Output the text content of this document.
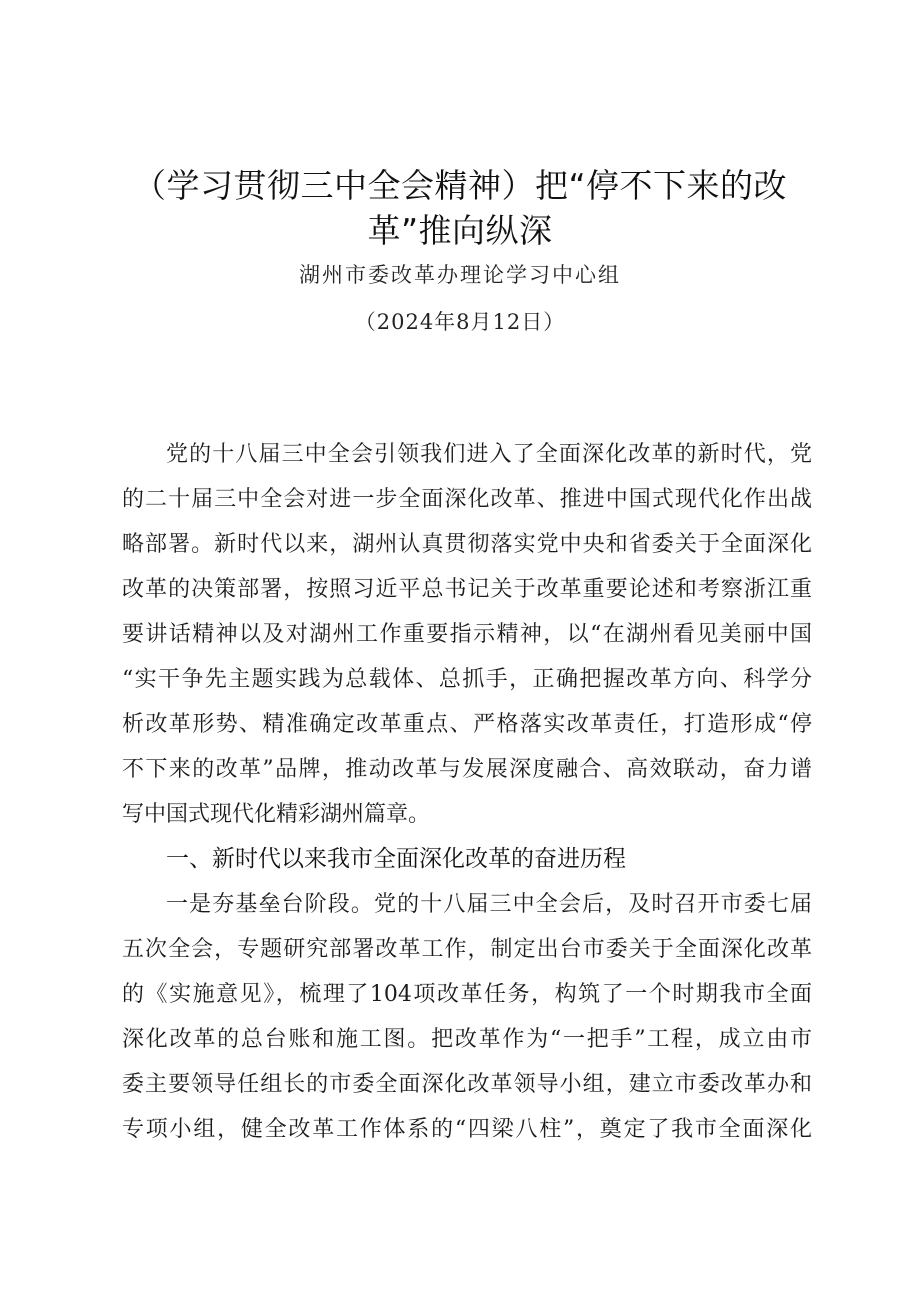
（学习贯彻三中全会精神）把“停不下来的改
革”推向纵深
湖州市委改革办理论学习中心组
（2024年8月12日）
党的十八届三中全会引领我们进入了全面深化改革的新时代，党
的二十届三中全会对进一步全面深化改革、推进中国式现代化作出战
略部署。新时代以来，湖州认真贯彻落实党中央和省委关于全面深化
改革的决策部署，按照习近平总书记关于改革重要论述和考察浙江重
要讲话精神以及对湖州工作重要指示精神，以“在湖州看见美丽中国
“实干争先主题实践为总载体、总抓手，正确把握改革方向、科学分
析改革形势、精准确定改革重点、严格落实改革责任，打造形成“停
不下来的改革”品牌，推动改革与发展深度融合、高效联动，奋力谱
写中国式现代化精彩湖州篇章。
一、新时代以来我市全面深化改革的奋进历程
一是夯基垒台阶段。党的十八届三中全会后，及时召开市委七届
五次全会，专题研究部署改革工作，制定出台市委关于全面深化改革
的《实施意见》，梳理了104项改革任务，构筑了一个时期我市全面
深化改革的总台账和施工图。把改革作为“一把手”工程，成立由市
委主要领导任组长的市委全面深化改革领导小组，建立市委改革办和
专项小组，健全改革工作体系的“四梁八柱”，奠定了我市全面深化
